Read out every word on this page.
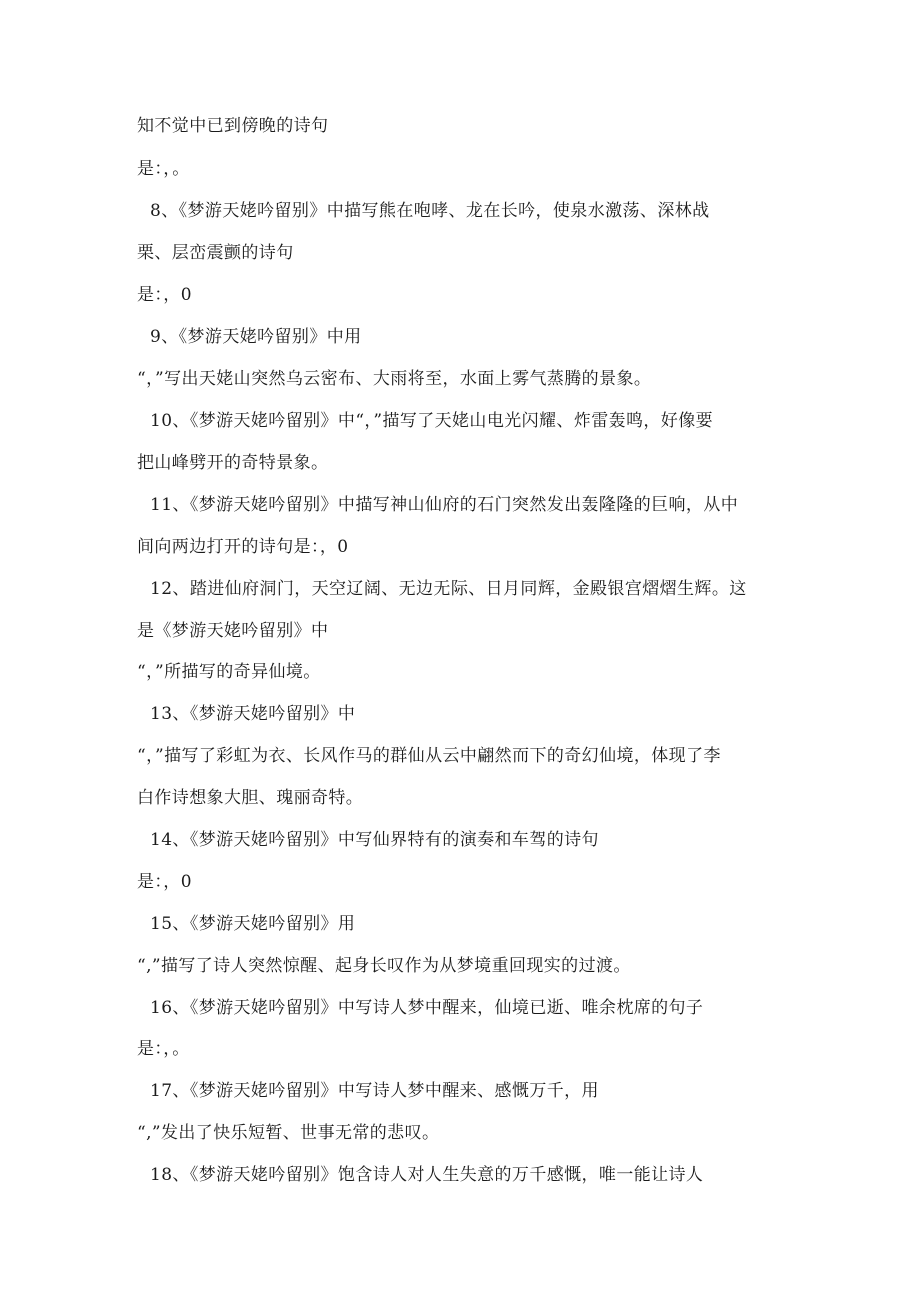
知不觉中已到傍晚的诗句
是：，。
8、《梦游天姥吟留别》中描写熊在咆哮、龙在长吟，使泉水激荡、深林战
栗、层峦震颤的诗句
是：，0
9、《梦游天姥吟留别》中用
“，”写出天姥山突然乌云密布、大雨将至，水面上雾气蒸腾的景象。
10、《梦游天姥吟留别》中“，”描写了天姥山电光闪耀、炸雷轰鸣，好像要
把山峰劈开的奇特景象。
11、《梦游天姥吟留别》中描写神山仙府的石门突然发出轰隆隆的巨响，从中
间向两边打开的诗句是：，0
12、踏进仙府洞门，天空辽阔、无边无际、日月同辉，金殿银宫熠熠生辉。这
是《梦游天姥吟留别》中
“，”所描写的奇异仙境。
13、《梦游天姥吟留别》中
“，”描写了彩虹为衣、长风作马的群仙从云中翩然而下的奇幻仙境，体现了李
白作诗想象大胆、瑰丽奇特。
14、《梦游天姥吟留别》中写仙界特有的演奏和车驾的诗句
是：，0
15、《梦游天姥吟留别》用
“,”描写了诗人突然惊醒、起身长叹作为从梦境重回现实的过渡。
16、《梦游天姥吟留别》中写诗人梦中醒来，仙境已逝、唯余枕席的句子
是：，。
17、《梦游天姥吟留别》中写诗人梦中醒来、感慨万千，用
“,”发出了快乐短暂、世事无常的悲叹。
18、《梦游天姥吟留别》饱含诗人对人生失意的万千感慨，唯一能让诗人
